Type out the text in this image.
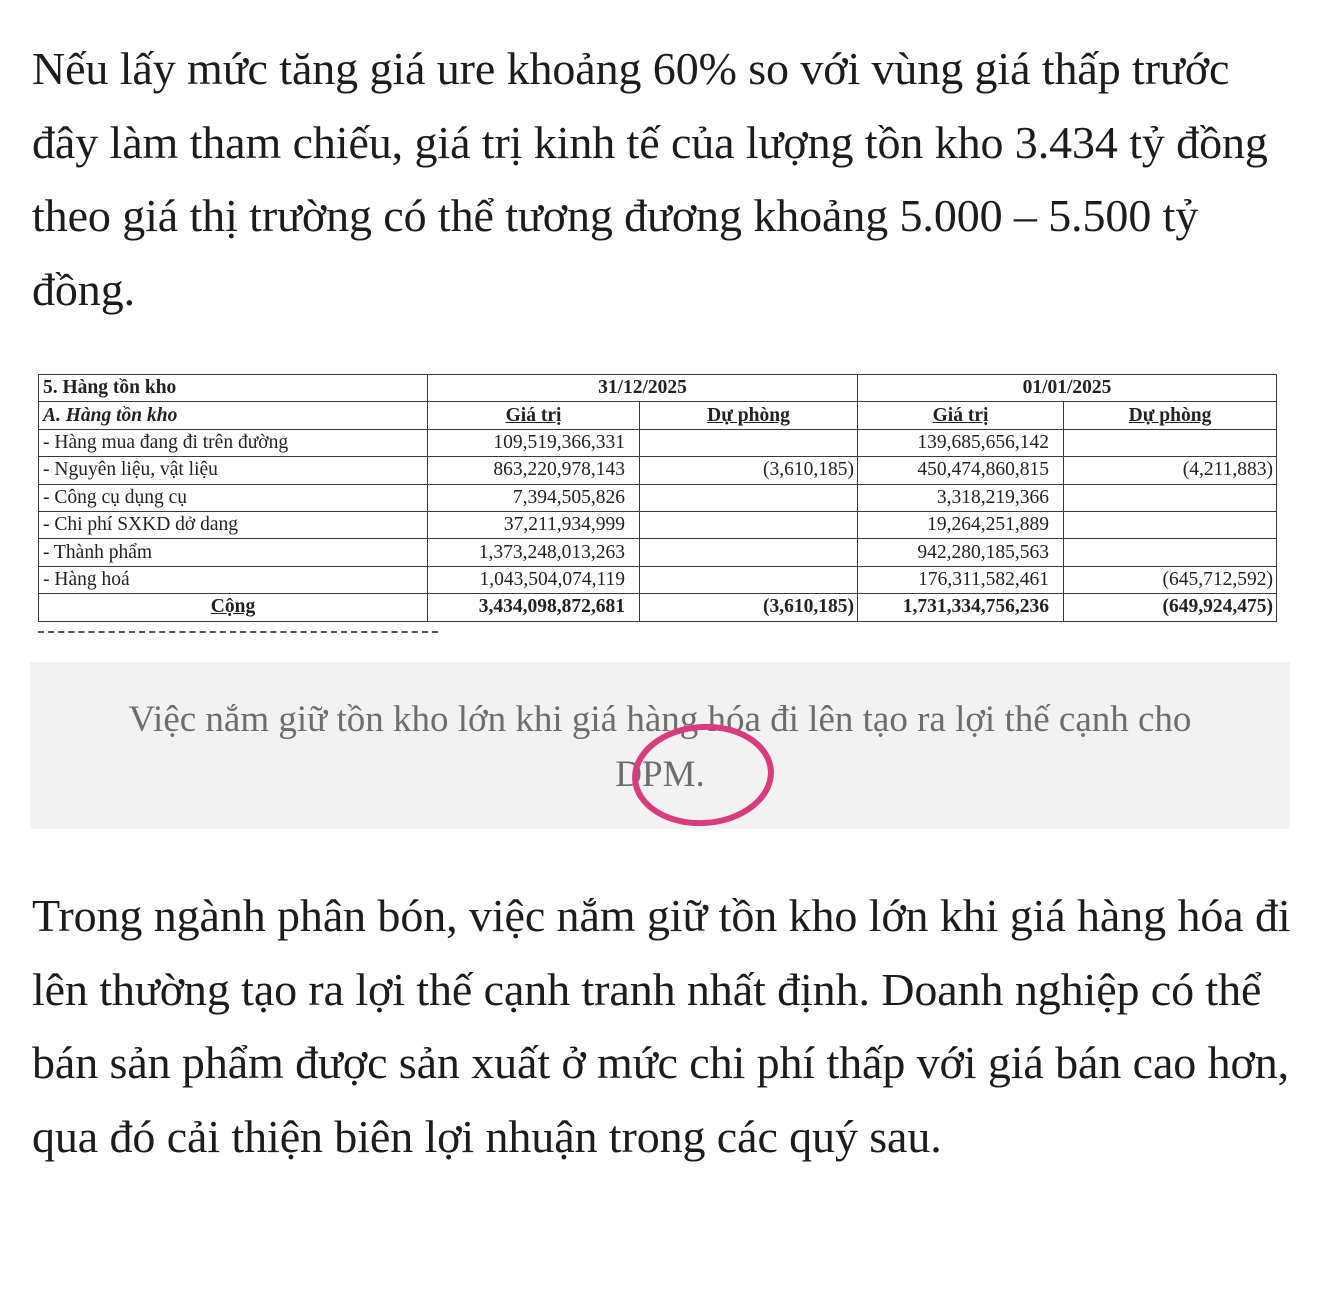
Nếu lấy mức tăng giá ure khoảng 60% so với vùng giá thấp trước đây làm tham chiếu, giá trị kinh tế của lượng tồn kho 3.434 tỷ đồng theo giá thị trường có thể tương đương khoảng 5.000 – 5.500 tỷ đồng.

5. Hàng tồn kho	31/12/2025		01/01/2025	
A. Hàng tồn kho	Giá trị	Dự phòng	Giá trị	Dự phòng
- Hàng mua đang đi trên đường	109,519,366,331		139,685,656,142	
- Nguyên liệu, vật liệu	863,220,978,143	(3,610,185)	450,474,860,815	(4,211,883)
- Công cụ dụng cụ	7,394,505,826		3,318,219,366	
- Chi phí SXKD dở dang	37,211,934,999		19,264,251,889	
- Thành phẩm	1,373,248,013,263		942,280,185,563	
- Hàng hoá	1,043,504,074,119		176,311,582,461	(645,712,592)
Cộng	3,434,098,872,681	(3,610,185)	1,731,334,756,236	(649,924,475)

Việc nắm giữ tồn kho lớn khi giá hàng hóa đi lên tạo ra lợi thế cạnh cho DPM.

Trong ngành phân bón, việc nắm giữ tồn kho lớn khi giá hàng hóa đi lên thường tạo ra lợi thế cạnh tranh nhất định. Doanh nghiệp có thể bán sản phẩm được sản xuất ở mức chi phí thấp với giá bán cao hơn, qua đó cải thiện biên lợi nhuận trong các quý sau.
